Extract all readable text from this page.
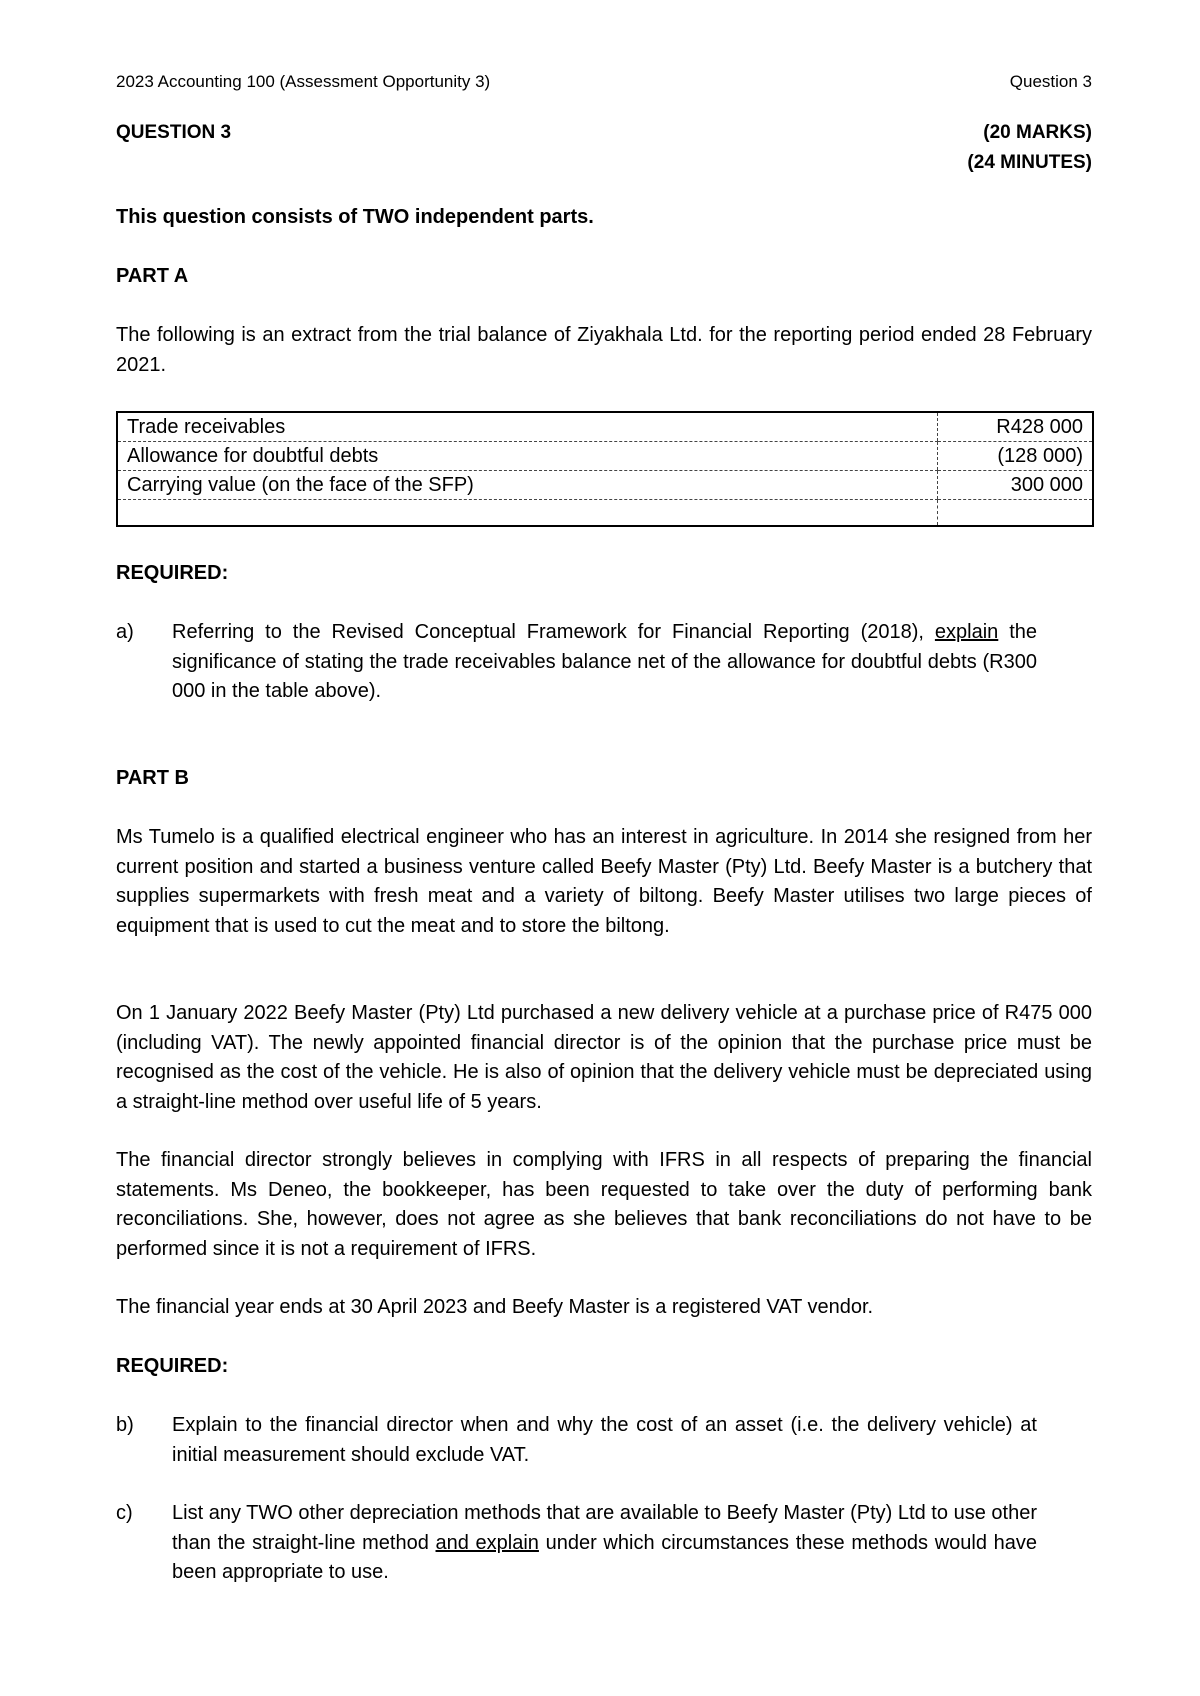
2023 Accounting 100 (Assessment Opportunity 3)	Question 3
QUESTION 3	(20 MARKS)
(24 MINUTES)
This question consists of TWO independent parts.
PART A
The following is an extract from the trial balance of Ziyakhala Ltd. for the reporting period ended 28 February 2021.
Trade receivables	R428 000
Allowance for doubtful debts	(128 000)
Carrying value (on the face of the SFP)	300 000

REQUIRED:
a) Referring to the Revised Conceptual Framework for Financial Reporting (2018), explain the significance of stating the trade receivables balance net of the allowance for doubtful debts (R300 000 in the table above).
PART B
Ms Tumelo is a qualified electrical engineer who has an interest in agriculture. In 2014 she resigned from her current position and started a business venture called Beefy Master (Pty) Ltd. Beefy Master is a butchery that supplies supermarkets with fresh meat and a variety of biltong. Beefy Master utilises two large pieces of equipment that is used to cut the meat and to store the biltong.
On 1 January 2022 Beefy Master (Pty) Ltd purchased a new delivery vehicle at a purchase price of R475 000 (including VAT). The newly appointed financial director is of the opinion that the purchase price must be recognised as the cost of the vehicle. He is also of opinion that the delivery vehicle must be depreciated using a straight-line method over useful life of 5 years.
The financial director strongly believes in complying with IFRS in all respects of preparing the financial statements. Ms Deneo, the bookkeeper, has been requested to take over the duty of performing bank reconciliations. She, however, does not agree as she believes that bank reconciliations do not have to be performed since it is not a requirement of IFRS.
The financial year ends at 30 April 2023 and Beefy Master is a registered VAT vendor.
REQUIRED:
b) Explain to the financial director when and why the cost of an asset (i.e. the delivery vehicle) at initial measurement should exclude VAT.
c) List any TWO other depreciation methods that are available to Beefy Master (Pty) Ltd to use other than the straight-line method and explain under which circumstances these methods would have been appropriate to use.
